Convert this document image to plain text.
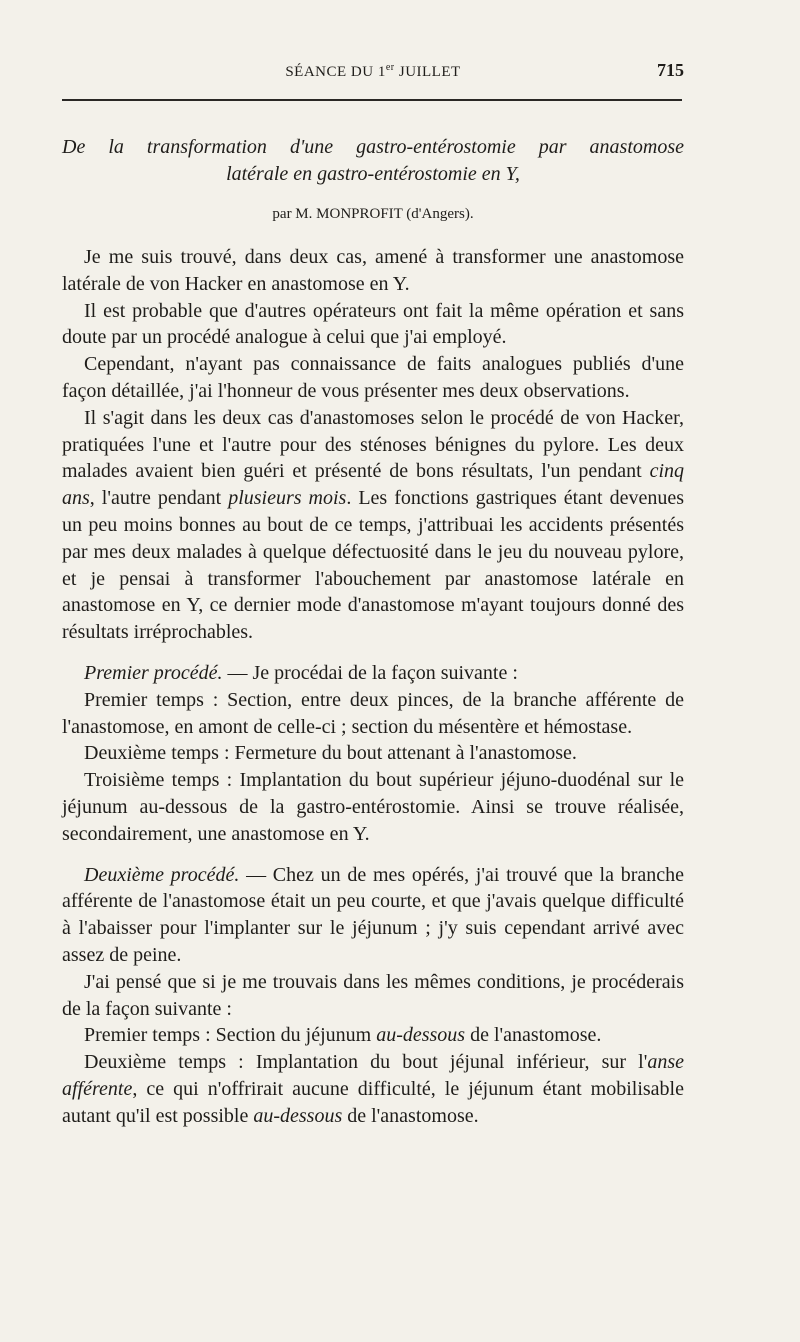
SÉANCE DU 1er JUILLET	715
De la transformation d'une gastro-entérostomie par anastomose
latérale en gastro-entérostomie en Y,
par M. MONPROFIT (d'Angers).

Je me suis trouvé, dans deux cas, amené à transformer une anastomose latérale de von Hacker en anastomose en Y.

Il est probable que d'autres opérateurs ont fait la même opération et sans doute par un procédé analogue à celui que j'ai employé.

Cependant, n'ayant pas connaissance de faits analogues publiés d'une façon détaillée, j'ai l'honneur de vous présenter mes deux observations.

Il s'agit dans les deux cas d'anastomoses selon le procédé de von Hacker, pratiquées l'une et l'autre pour des sténoses bénignes du pylore. Les deux malades avaient bien guéri et présenté de bons résultats, l'un pendant cinq ans, l'autre pendant plusieurs mois. Les fonctions gastriques étant devenues un peu moins bonnes au bout de ce temps, j'attribuai les accidents présentés par mes deux malades à quelque défectuosité dans le jeu du nouveau pylore, et je pensai à transformer l'abouchement par anastomose latérale en anastomose en Y, ce dernier mode d'anastomose m'ayant toujours donné des résultats irréprochables.

Premier procédé. — Je procédai de la façon suivante :

Premier temps : Section, entre deux pinces, de la branche afférente de l'anastomose, en amont de celle-ci ; section du mésentère et hémostase.

Deuxième temps : Fermeture du bout attenant à l'anastomose.

Troisième temps : Implantation du bout supérieur jéjuno-duodénal sur le jéjunum au-dessous de la gastro-entérostomie. Ainsi se trouve réalisée, secondairement, une anastomose en Y.

Deuxième procédé. — Chez un de mes opérés, j'ai trouvé que la branche afférente de l'anastomose était un peu courte, et que j'avais quelque difficulté à l'abaisser pour l'implanter sur le jéjunum ; j'y suis cependant arrivé avec assez de peine.

J'ai pensé que si je me trouvais dans les mêmes conditions, je procéderais de la façon suivante :

Premier temps : Section du jéjunum au-dessous de l'anastomose.

Deuxième temps : Implantation du bout jéjunal inférieur, sur l'anse afférente, ce qui n'offrirait aucune difficulté, le jéjunum étant mobilisable autant qu'il est possible au-dessous de l'anastomose.
